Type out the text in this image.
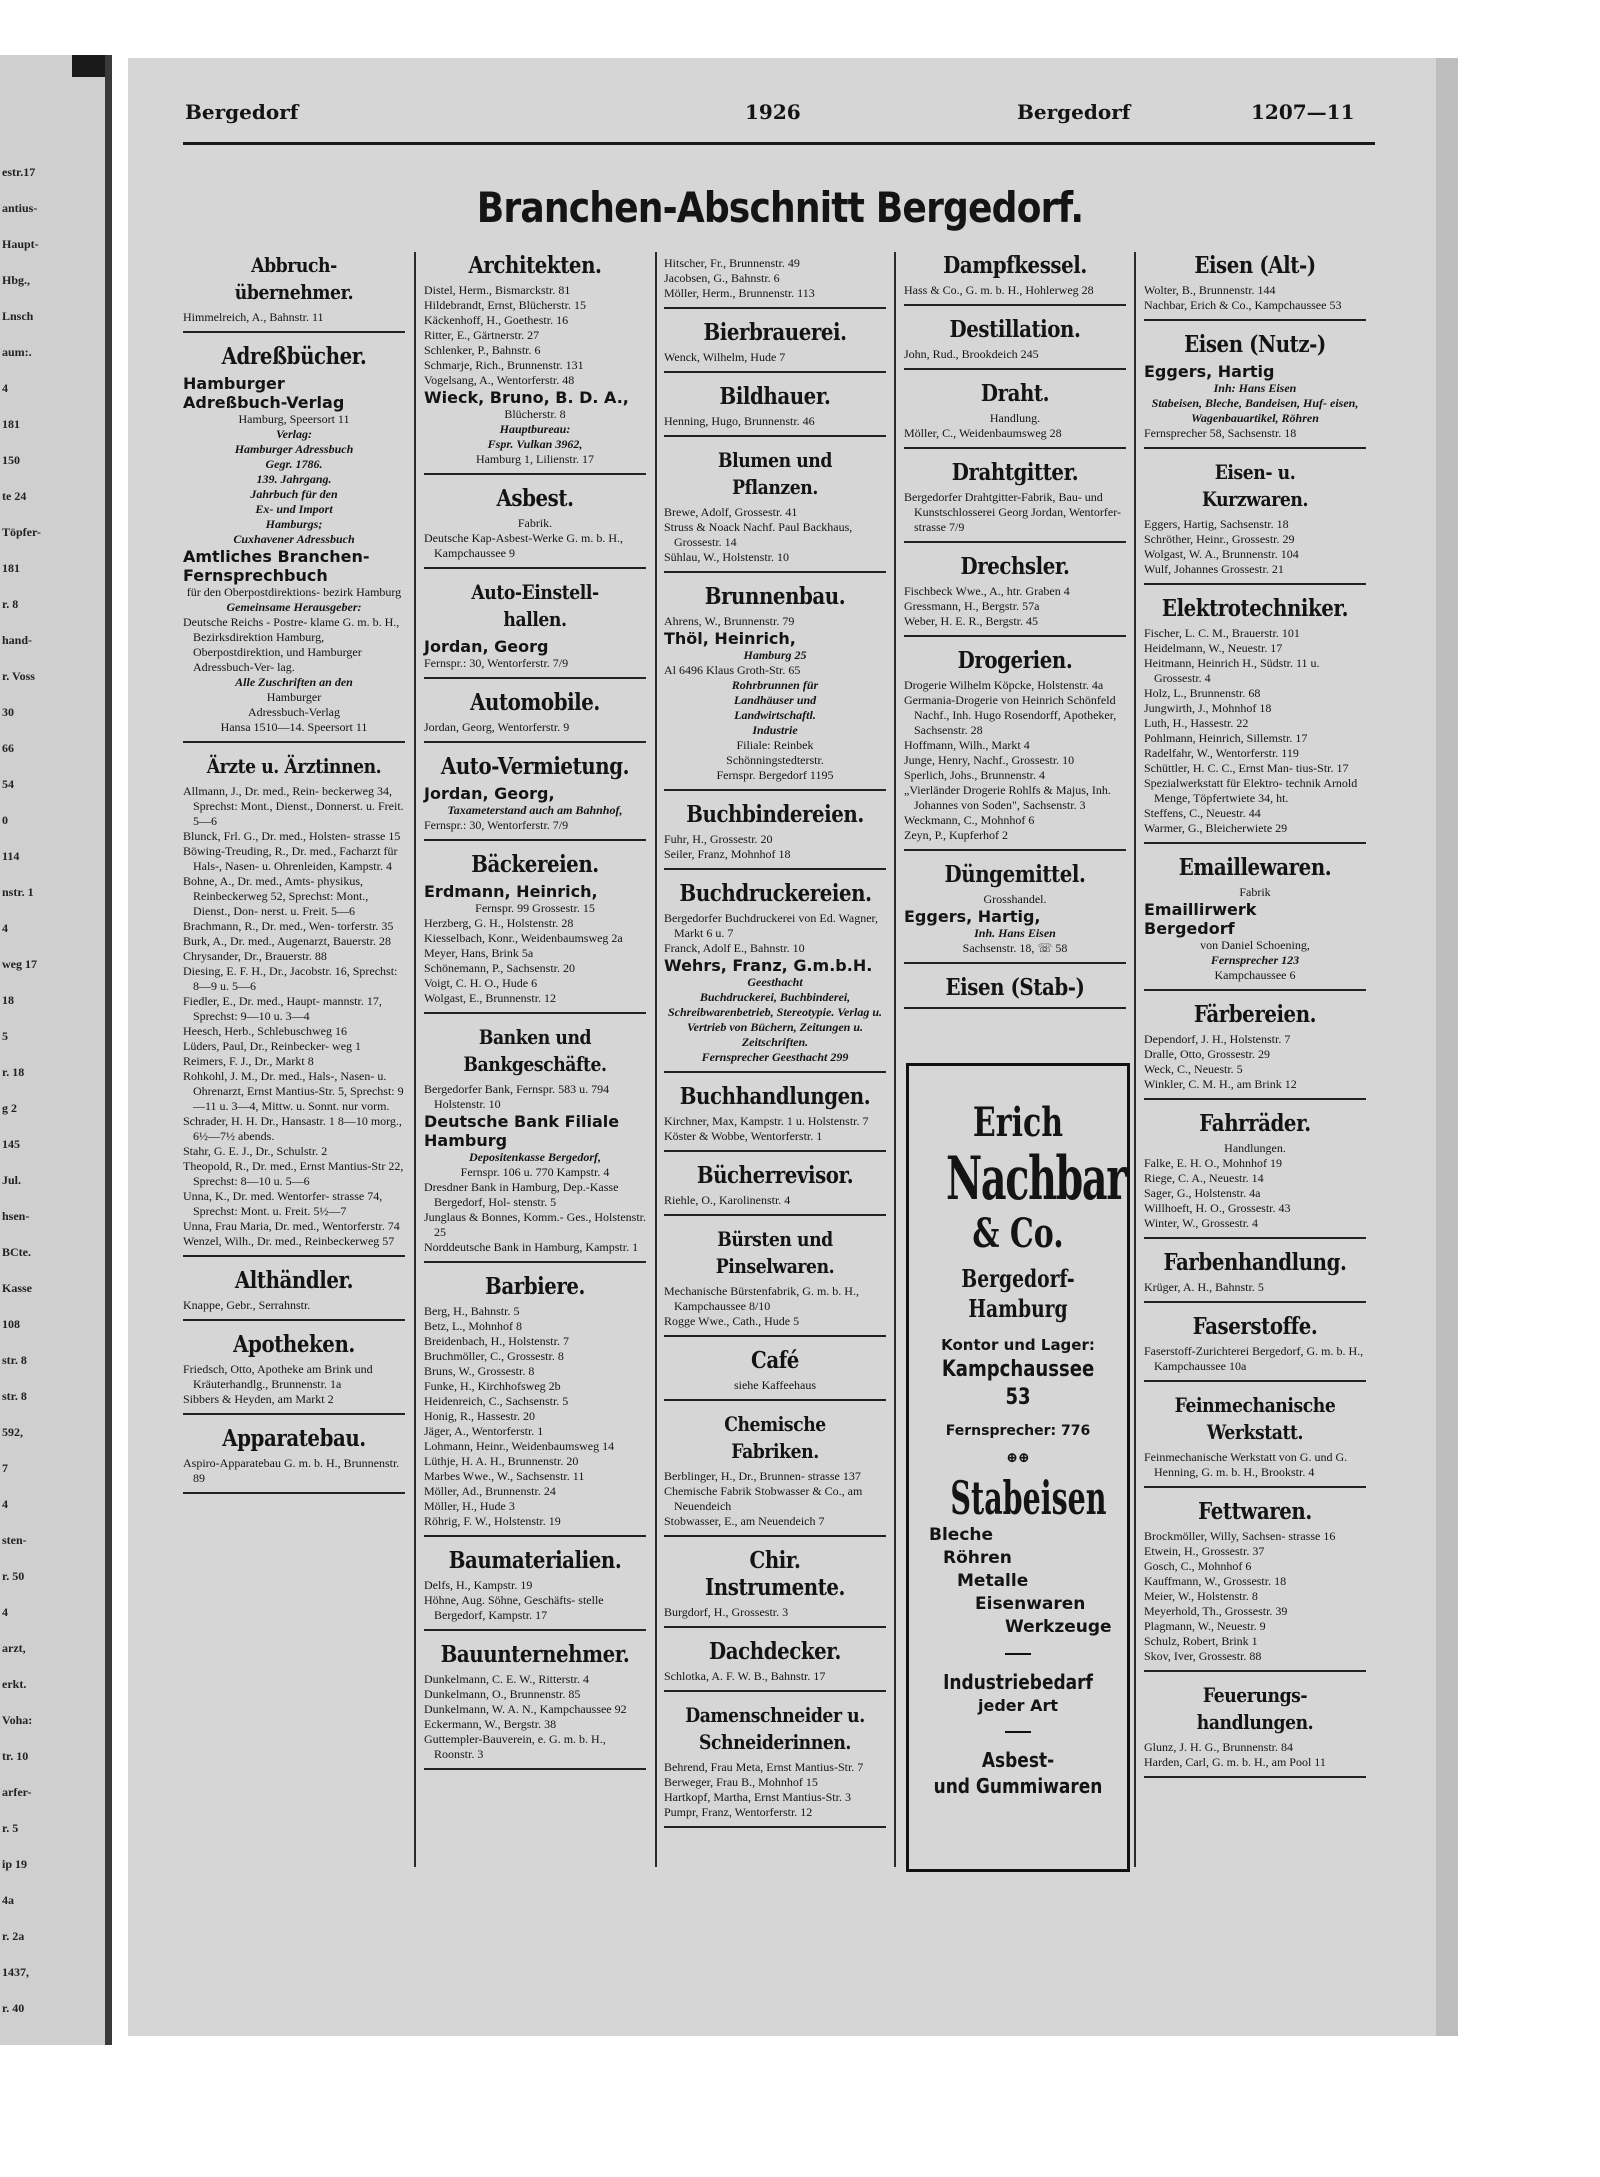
estr.17
antius-
Haupt-
Hbg.,
Lnsch
aum:.
4
181
150
te 24
Töpfer-
181
r. 8
hand-
r. Voss
30
66
54
0
114
nstr. 1
4
weg 17
18
5
r. 18
g 2
145
Jul.
hsen-
BCte.
Kasse
108
str. 8
str. 8
592,
7
4
sten-
r. 50
4
arzt,
erkt.
Voha:
tr. 10
arfer-
r. 5
ip 19
4a
r. 2a
1437,
r. 40
Bergedorf	1926	Bergedorf	1207—11
Branchen-Abschnitt Bergedorf.
Abbruch- übernehmer.
Himmelreich, A., Bahnstr. 11
Adreßbücher.
Hamburger
Adreßbuch-Verlag
Hamburg, Speersort 11
Verlag:
Hamburger Adressbuch
Gegr. 1786.
139. Jahrgang.
Jahrbuch für den
Ex- und Import
Hamburgs;
Cuxhavener Adressbuch
Amtliches Branchen-
Fernsprechbuch
für den Oberpostdirektions- bezirk Hamburg
Gemeinsame Herausgeber:
Deutsche Reichs - Postre- klame G. m. b. H., Bezirksdirektion Hamburg, Oberpostdirektion, und Hamburger Adressbuch-Ver- lag.
Alle Zuschriften an den
Hamburger
Adressbuch-Verlag
Hansa 1510—14. Speersort 11
Ärzte u. Ärztinnen.
Allmann, J., Dr. med., Rein- beckerweg 34, Sprechst: Mont., Dienst., Donnerst. u. Freit. 5—6
Blunck, Frl. G., Dr. med., Holsten- strasse 15
Böwing-Treuding, R., Dr. med., Facharzt für Hals-, Nasen- u. Ohrenleiden, Kampstr. 4
Bohne, A., Dr. med., Amts- physikus, Reinbeckerweg 52, Sprechst: Mont., Dienst., Don- nerst. u. Freit. 5—6
Brachmann, R., Dr. med., Wen- torferstr. 35
Burk, A., Dr. med., Augenarzt, Bauerstr. 28
Chrysander, Dr., Brauerstr. 88
Diesing, E. F. H., Dr., Jacobstr. 16, Sprechst: 8—9 u. 5—6
Fiedler, E., Dr. med., Haupt- mannstr. 17, Sprechst: 9—10 u. 3—4
Heesch, Herb., Schlebuschweg 16
Lüders, Paul, Dr., Reinbecker- weg 1
Reimers, F. J., Dr., Markt 8
Rohkohl, J. M., Dr. med., Hals-, Nasen- u. Ohrenarzt, Ernst Mantius-Str. 5, Sprechst: 9—11 u. 3—4, Mittw. u. Sonnt. nur vorm.
Schrader, H. H. Dr., Hansastr. 1 8—10 morg., 6½—7½ abends.
Stahr, G. E. J., Dr., Schulstr. 2
Theopold, R., Dr. med., Ernst Mantius-Str 22, Sprechst: 8—10 u. 5—6
Unna, K., Dr. med. Wentorfer- strasse 74, Sprechst: Mont. u. Freit. 5½—7
Unna, Frau Maria, Dr. med., Wentorferstr. 74
Wenzel, Wilh., Dr. med., Reinbeckerweg 57
Althändler.
Knappe, Gebr., Serrahnstr.
Apotheken.
Friedsch, Otto, Apotheke am Brink und Kräuterhandlg., Brunnenstr. 1a
Sibbers & Heyden, am Markt 2
Apparatebau.
Aspiro-Apparatebau G. m. b. H., Brunnenstr. 89
Architekten.
Distel, Herm., Bismarckstr. 81
Hildebrandt, Ernst, Blücherstr. 15
Käckenhoff, H., Goethestr. 16
Ritter, E., Gärtnerstr. 27
Schlenker, P., Bahnstr. 6
Schmarje, Rich., Brunnenstr. 131
Vogelsang, A., Wentorferstr. 48
Wieck, Bruno, B. D. A.,
Blücherstr. 8
Hauptbureau:
Fspr. Vulkan 3962,
Hamburg 1, Lilienstr. 17
Asbest.
Fabrik.
Deutsche Kap-Asbest-Werke G. m. b. H., Kampchaussee 9
Auto-Einstell- hallen.
Jordan, Georg
Fernspr.: 30, Wentorferstr. 7/9
Automobile.
Jordan, Georg, Wentorferstr. 9
Auto-Vermietung.
Jordan, Georg,
Taxameterstand auch am Bahnhof,
Fernspr.: 30, Wentorferstr. 7/9
Bäckereien.
Erdmann, Heinrich,
Fernspr. 99 Grossestr. 15
Herzberg, G. H., Holstenstr. 28
Kiesselbach, Konr., Weidenbaumsweg 2a
Meyer, Hans, Brink 5a
Schönemann, P., Sachsenstr. 20
Voigt, C. H. O., Hude 6
Wolgast, E., Brunnenstr. 12
Banken und Bankgeschäfte.
Bergedorfer Bank, Fernspr. 583 u. 794 Holstenstr. 10
Deutsche Bank Filiale
Hamburg
Depositenkasse Bergedorf,
Fernspr. 106 u. 770 Kampstr. 4
Dresdner Bank in Hamburg, Dep.-Kasse Bergedorf, Hol- stenstr. 5
Junglaus & Bonnes, Komm.- Ges., Holstenstr. 25
Norddeutsche Bank in Hamburg, Kampstr. 1
Barbiere.
Berg, H., Bahnstr. 5
Betz, L., Mohnhof 8
Breidenbach, H., Holstenstr. 7
Bruchmöller, C., Grossestr. 8
Bruns, W., Grossestr. 8
Funke, H., Kirchhofsweg 2b
Heidenreich, C., Sachsenstr. 5
Honig, R., Hassestr. 20
Jäger, A., Wentorferstr. 1
Lohmann, Heinr., Weidenbaumsweg 14
Lüthje, H. A. H., Brunnenstr. 20
Marbes Wwe., W., Sachsenstr. 11
Möller, Ad., Brunnenstr. 24
Möller, H., Hude 3
Röhrig, F. W., Holstenstr. 19
Baumaterialien.
Delfs, H., Kampstr. 19
Höhne, Aug. Söhne, Geschäfts- stelle Bergedorf, Kampstr. 17
Bauunternehmer.
Dunkelmann, C. E. W., Ritterstr. 4
Dunkelmann, O., Brunnenstr. 85
Dunkelmann, W. A. N., Kampchaussee 92
Eckermann, W., Bergstr. 38
Guttempler-Bauverein, e. G. m. b. H., Roonstr. 3
Hitscher, Fr., Brunnenstr. 49
Jacobsen, G., Bahnstr. 6
Möller, Herm., Brunnenstr. 113
Bierbrauerei.
Wenck, Wilhelm, Hude 7
Bildhauer.
Henning, Hugo, Brunnenstr. 46
Blumen und Pflanzen.
Brewe, Adolf, Grossestr. 41
Struss & Noack Nachf. Paul Backhaus, Grossestr. 14
Sühlau, W., Holstenstr. 10
Brunnenbau.
Ahrens, W., Brunnenstr. 79
Thöl, Heinrich,
Hamburg 25
Al 6496 Klaus Groth-Str. 65
Rohrbrunnen für
Landhäuser und
Landwirtschaftl.
Industrie
Filiale: Reinbek
Schönningstedterstr.
Fernspr. Bergedorf 1195
Buchbindereien.
Fuhr, H., Grossestr. 20
Seiler, Franz, Mohnhof 18
Buchdruckereien.
Bergedorfer Buchdruckerei von Ed. Wagner, Markt 6 u. 7
Franck, Adolf E., Bahnstr. 10
Wehrs, Franz, G.m.b.H.
Geesthacht
Buchdruckerei, Buchbinderei, Schreibwarenbetrieb, Stereotypie. Verlag u. Vertrieb von Büchern, Zeitungen u. Zeitschriften.
Fernsprecher Geesthacht 299
Buchhandlungen.
Kirchner, Max, Kampstr. 1 u. Holstenstr. 7
Köster & Wobbe, Wentorferstr. 1
Bücherrevisor.
Riehle, O., Karolinenstr. 4
Bürsten und Pinselwaren.
Mechanische Bürstenfabrik, G. m. b. H., Kampchaussee 8/10
Rogge Wwe., Cath., Hude 5
Café
siehe Kaffeehaus
Chemische Fabriken.
Berblinger, H., Dr., Brunnen- strasse 137
Chemische Fabrik Stobwasser & Co., am Neuendeich
Stobwasser, E., am Neuendeich 7
Chir. Instrumente.
Burgdorf, H., Grossestr. 3
Dachdecker.
Schlotka, A. F. W. B., Bahnstr. 17
Damenschneider u. Schneiderinnen.
Behrend, Frau Meta, Ernst Mantius-Str. 7
Berweger, Frau B., Mohnhof 15
Hartkopf, Martha, Ernst Mantius-Str. 3
Pumpr, Franz, Wentorferstr. 12
Dampfkessel.
Hass & Co., G. m. b. H., Hohlerweg 28
Destillation.
John, Rud., Brookdeich 245
Draht.
Handlung.
Möller, C., Weidenbaumsweg 28
Drahtgitter.
Bergedorfer Drahtgitter-Fabrik, Bau- und Kunstschlosserei Georg Jordan, Wentorfer- strasse 7/9
Drechsler.
Fischbeck Wwe., A., htr. Graben 4
Gressmann, H., Bergstr. 57a
Weber, H. E. R., Bergstr. 45
Drogerien.
Drogerie Wilhelm Köpcke, Holstenstr. 4a
Germania-Drogerie von Heinrich Schönfeld Nachf., Inh. Hugo Rosendorff, Apotheker, Sachsenstr. 28
Hoffmann, Wilh., Markt 4
Junge, Henry, Nachf., Grossestr. 10
Sperlich, Johs., Brunnenstr. 4
„Vierländer Drogerie Rohlfs & Majus, Inh. Johannes von Soden", Sachsenstr. 3
Weckmann, C., Mohnhof 6
Zeyn, P., Kupferhof 2
Düngemittel.
Grosshandel.
Eggers, Hartig,
Inh. Hans Eisen
Sachsenstr. 18, ☏ 58
Eisen (Stab-)
Eisen (Alt-)
Wolter, B., Brunnenstr. 144
Nachbar, Erich & Co., Kampchaussee 53
Eisen (Nutz-)
Eggers, Hartig
Inh: Hans Eisen
Stabeisen, Bleche, Bandeisen, Huf- eisen, Wagenbauartikel, Röhren
Fernsprecher 58, Sachsenstr. 18
Eisen- u. Kurzwaren.
Eggers, Hartig, Sachsenstr. 18
Schröther, Heinr., Grossestr. 29
Wolgast, W. A., Brunnenstr. 104
Wulf, Johannes Grossestr. 21
Elektrotechniker.
Fischer, L. C. M., Brauerstr. 101
Heidelmann, W., Neuestr. 17
Heitmann, Heinrich H., Südstr. 11 u. Grossestr. 4
Holz, L., Brunnenstr. 68
Jungwirth, J., Mohnhof 18
Luth, H., Hassestr. 22
Pohlmann, Heinrich, Sillemstr. 17
Radelfahr, W., Wentorferstr. 119
Schüttler, H. C. C., Ernst Man- tius-Str. 17
Spezialwerkstatt für Elektro- technik Arnold Menge, Töpfertwiete 34, ht.
Steffens, C., Neuestr. 44
Warmer, G., Bleicherwiete 29
Emaillewaren.
Fabrik
Emaillirwerk
Bergedorf
von Daniel Schoening,
Fernsprecher 123
Kampchaussee 6
Färbereien.
Dependorf, J. H., Holstenstr. 7
Dralle, Otto, Grossestr. 29
Weck, C., Neuestr. 5
Winkler, C. M. H., am Brink 12
Fahrräder.
Handlungen.
Falke, E. H. O., Mohnhof 19
Riege, C. A., Neuestr. 14
Sager, G., Holstenstr. 4a
Willhoeft, H. O., Grossestr. 43
Winter, W., Grossestr. 4
Farbenhandlung.
Krüger, A. H., Bahnstr. 5
Faserstoffe.
Faserstoff-Zurichterei Bergedorf, G. m. b. H., Kampchaussee 10a
Feinmechanische Werkstatt.
Feinmechanische Werkstatt von G. und G. Henning, G. m. b. H., Brookstr. 4
Fettwaren.
Brockmöller, Willy, Sachsen- strasse 16
Etwein, H., Grossestr. 37
Gosch, C., Mohnhof 6
Kauffmann, W., Grossestr. 18
Meier, W., Holstenstr. 8
Meyerhold, Th., Grossestr. 39
Plagmann, W., Neuestr. 9
Schulz, Robert, Brink 1
Skov, Iver, Grossestr. 88
Feuerungs- handlungen.
Glunz, J. H. G., Brunnenstr. 84
Harden, Carl, G. m. b. H., am Pool 11
Erich
Nachbar
& Co.
Bergedorf-Hamburg
Kontor und Lager:
Kampchaussee 53
Fernsprecher: 776
⊕⊕
Stabeisen
Bleche
Röhren
Metalle
Eisenwaren
Werkzeuge
Industriebedarf
jeder Art
Asbest-
und Gummiwaren
